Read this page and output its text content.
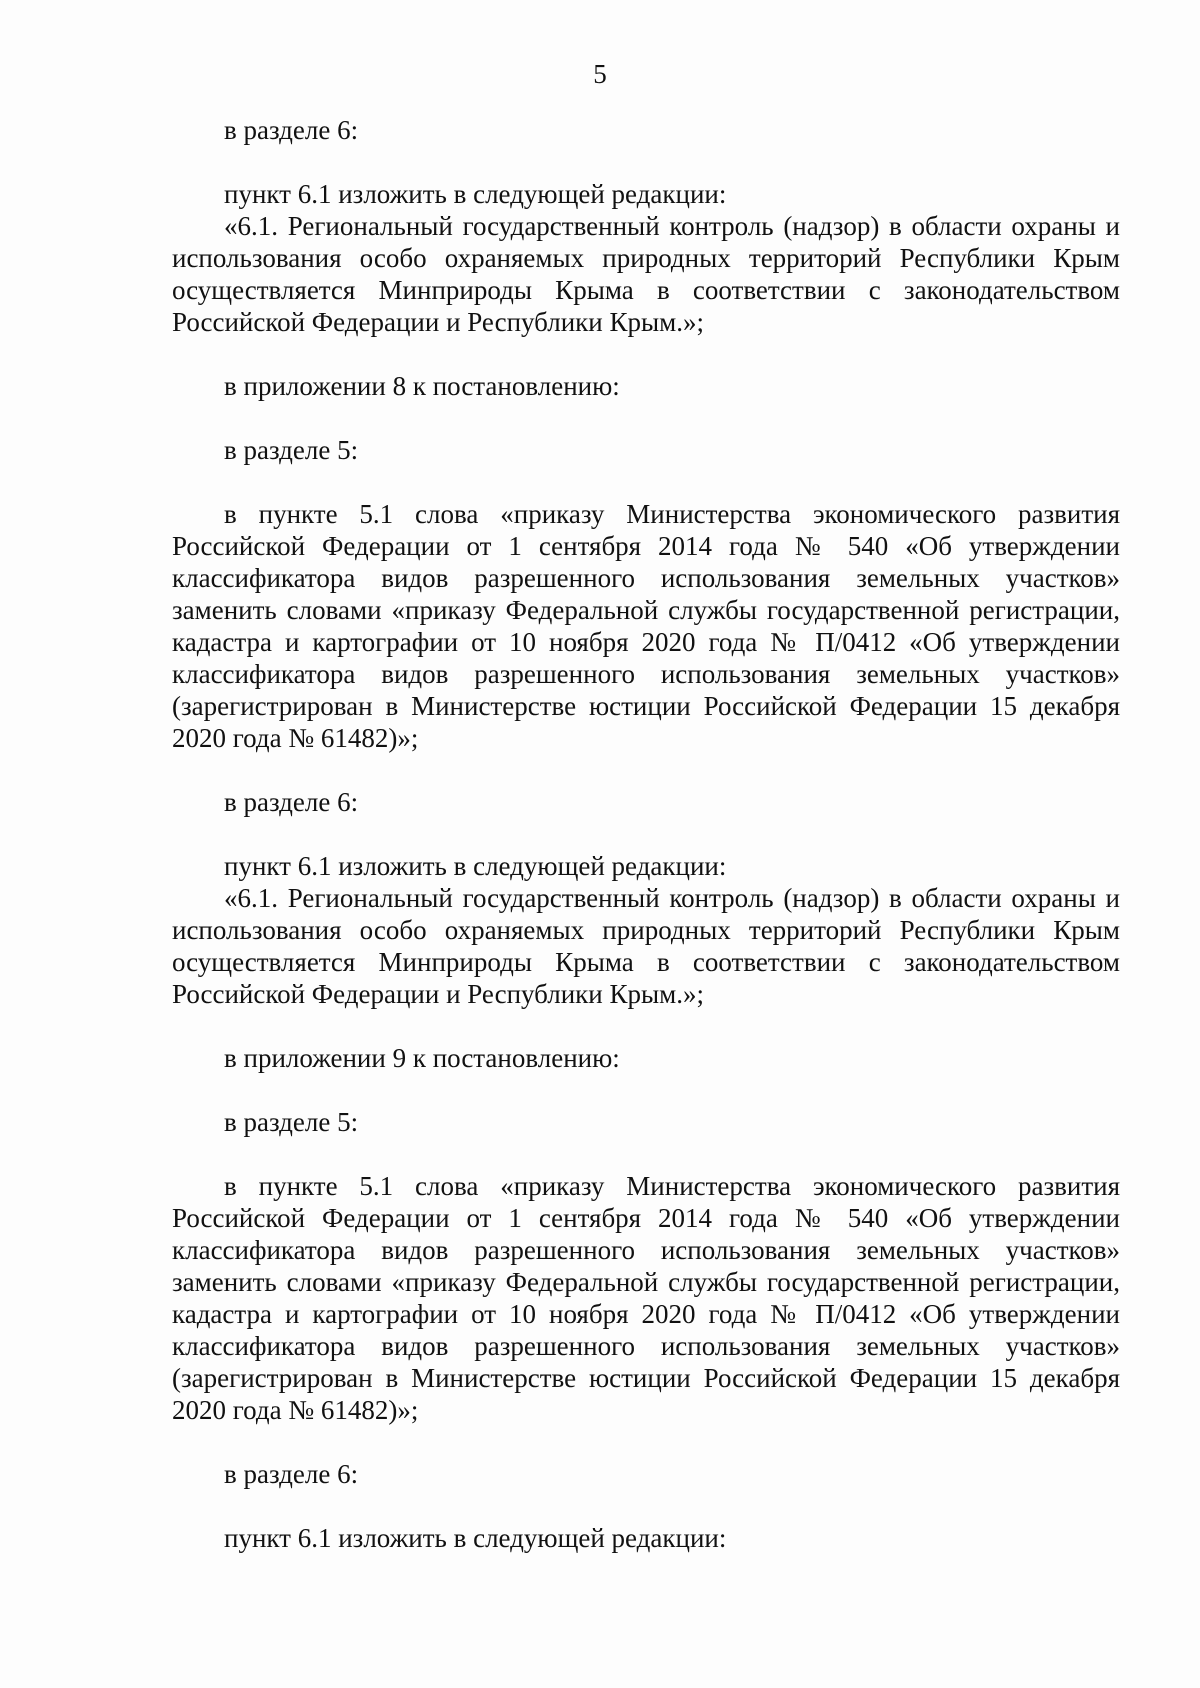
5

в разделе 6:

пункт 6.1 изложить в следующей редакции:

«6.1. Региональный государственный контроль (надзор) в области охраны и использования особо охраняемых природных территорий Республики Крым осуществляется Минприроды Крыма в соответствии с законодательством Российской Федерации и Республики Крым.»;

в приложении 8 к постановлению:

в разделе 5:

в пункте 5.1 слова «приказу Министерства экономического развития Российской Федерации от 1 сентября 2014 года № 540 «Об утверждении классификатора видов разрешенного использования земельных участков» заменить словами «приказу Федеральной службы государственной регистрации, кадастра и картографии от 10 ноября 2020 года № П/0412 «Об утверждении классификатора видов разрешенного использования земельных участков» (зарегистрирован в Министерстве юстиции Российской Федерации 15 декабря 2020 года № 61482)»;

в разделе 6:

пункт 6.1 изложить в следующей редакции:

«6.1. Региональный государственный контроль (надзор) в области охраны и использования особо охраняемых природных территорий Республики Крым осуществляется Минприроды Крыма в соответствии с законодательством Российской Федерации и Республики Крым.»;

в приложении 9 к постановлению:

в разделе 5:

в пункте 5.1 слова «приказу Министерства экономического развития Российской Федерации от 1 сентября 2014 года № 540 «Об утверждении классификатора видов разрешенного использования земельных участков» заменить словами «приказу Федеральной службы государственной регистрации, кадастра и картографии от 10 ноября 2020 года № П/0412 «Об утверждении классификатора видов разрешенного использования земельных участков» (зарегистрирован в Министерстве юстиции Российской Федерации 15 декабря 2020 года № 61482)»;

в разделе 6:

пункт 6.1 изложить в следующей редакции:
